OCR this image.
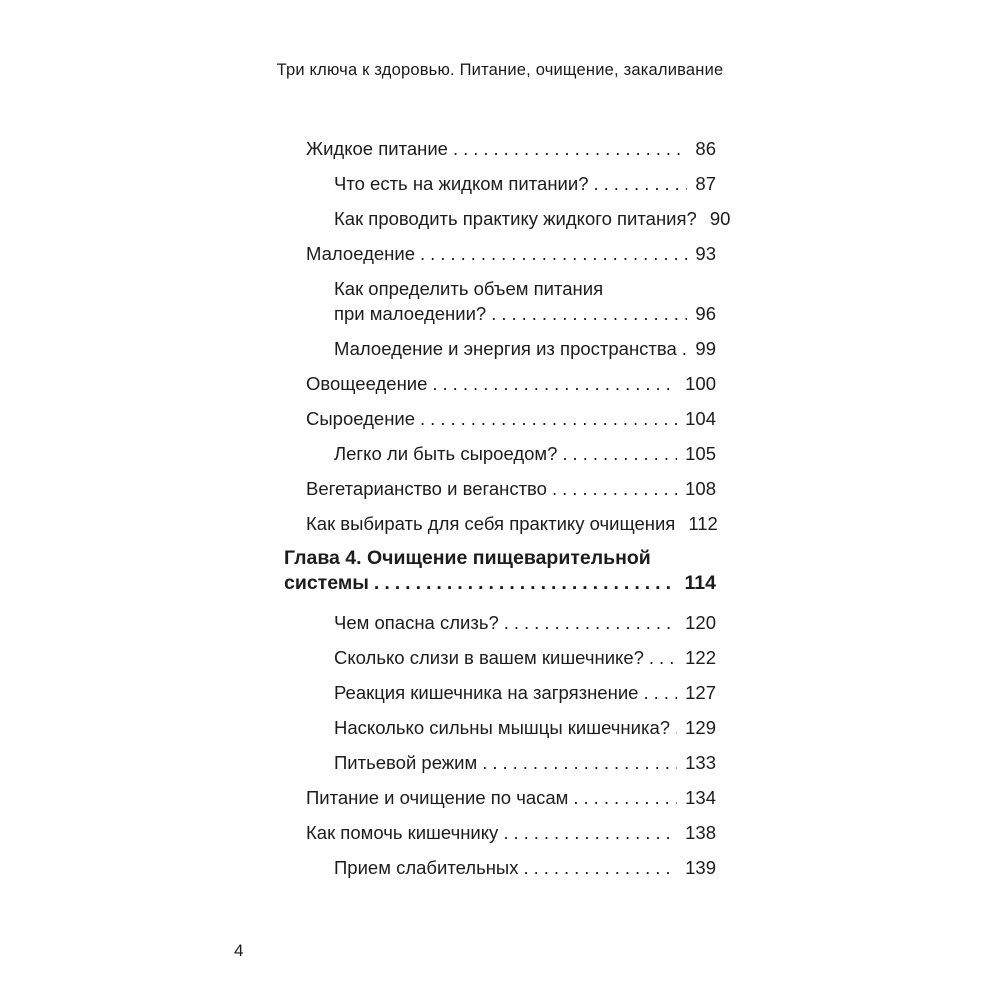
Три ключа к здоровью. Питание, очищение, закаливание
Жидкое питание .....	86
Что есть на жидком питании? .....	87
Как проводить практику жидкого питания? 90
Малоедение .....	93
Как определить объем питания
при малоедении? .....	96
Малоедение и энергия из пространства ..... 99
Овощеедение .....	100
Сыроедение .....	104
Легко ли быть сыроедом? .....	105
Вегетарианство и веганство .....	108
Как выбирать для себя практику очищения 112
Глава 4. Очищение пищеварительной
системы .....	114
Чем опасна слизь? .....	120
Сколько слизи в вашем кишечнике? ..... 122
Реакция кишечника на загрязнение .....	127
Насколько сильны мышцы кишечника? ..... 129
Питьевой режим .....	133
Питание и очищение по часам .....	134
Как помочь кишечнику .....	138
Прием слабительных .....	139
4
